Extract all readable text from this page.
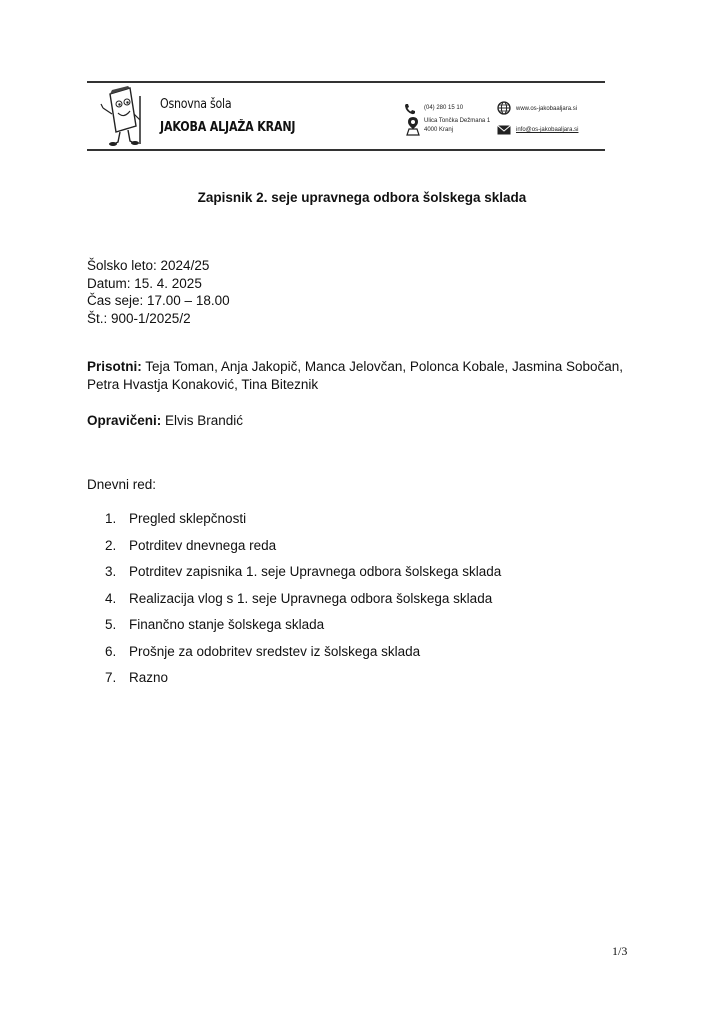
Osnovna šola
JAKOBA ALJAŽA KRANJ
(04) 280 15 10	www.os-jakobaaljara.si
Ulica Tončka Dežmana 1
4000 Kranj	info@os-jakobaaljara.si
Zapisnik 2. seje upravnega odbora šolskega sklada
Šolsko leto: 2024/25
Datum: 15. 4. 2025
Čas seje: 17.00 – 18.00
Št.: 900-1/2025/2
Prisotni: Teja Toman, Anja Jakopič, Manca Jelovčan, Polonca Kobale, Jasmina Sobočan, Petra Hvastja Konaković, Tina Biteznik
Opravičeni: Elvis Brandić
Dnevni red:
1. Pregled sklepčnosti
2. Potrditev dnevnega reda
3. Potrditev zapisnika 1. seje Upravnega odbora šolskega sklada
4. Realizacija vlog s 1. seje Upravnega odbora šolskega sklada
5. Finančno stanje šolskega sklada
6. Prošnje za odobritev sredstev iz šolskega sklada
7. Razno
1/3
